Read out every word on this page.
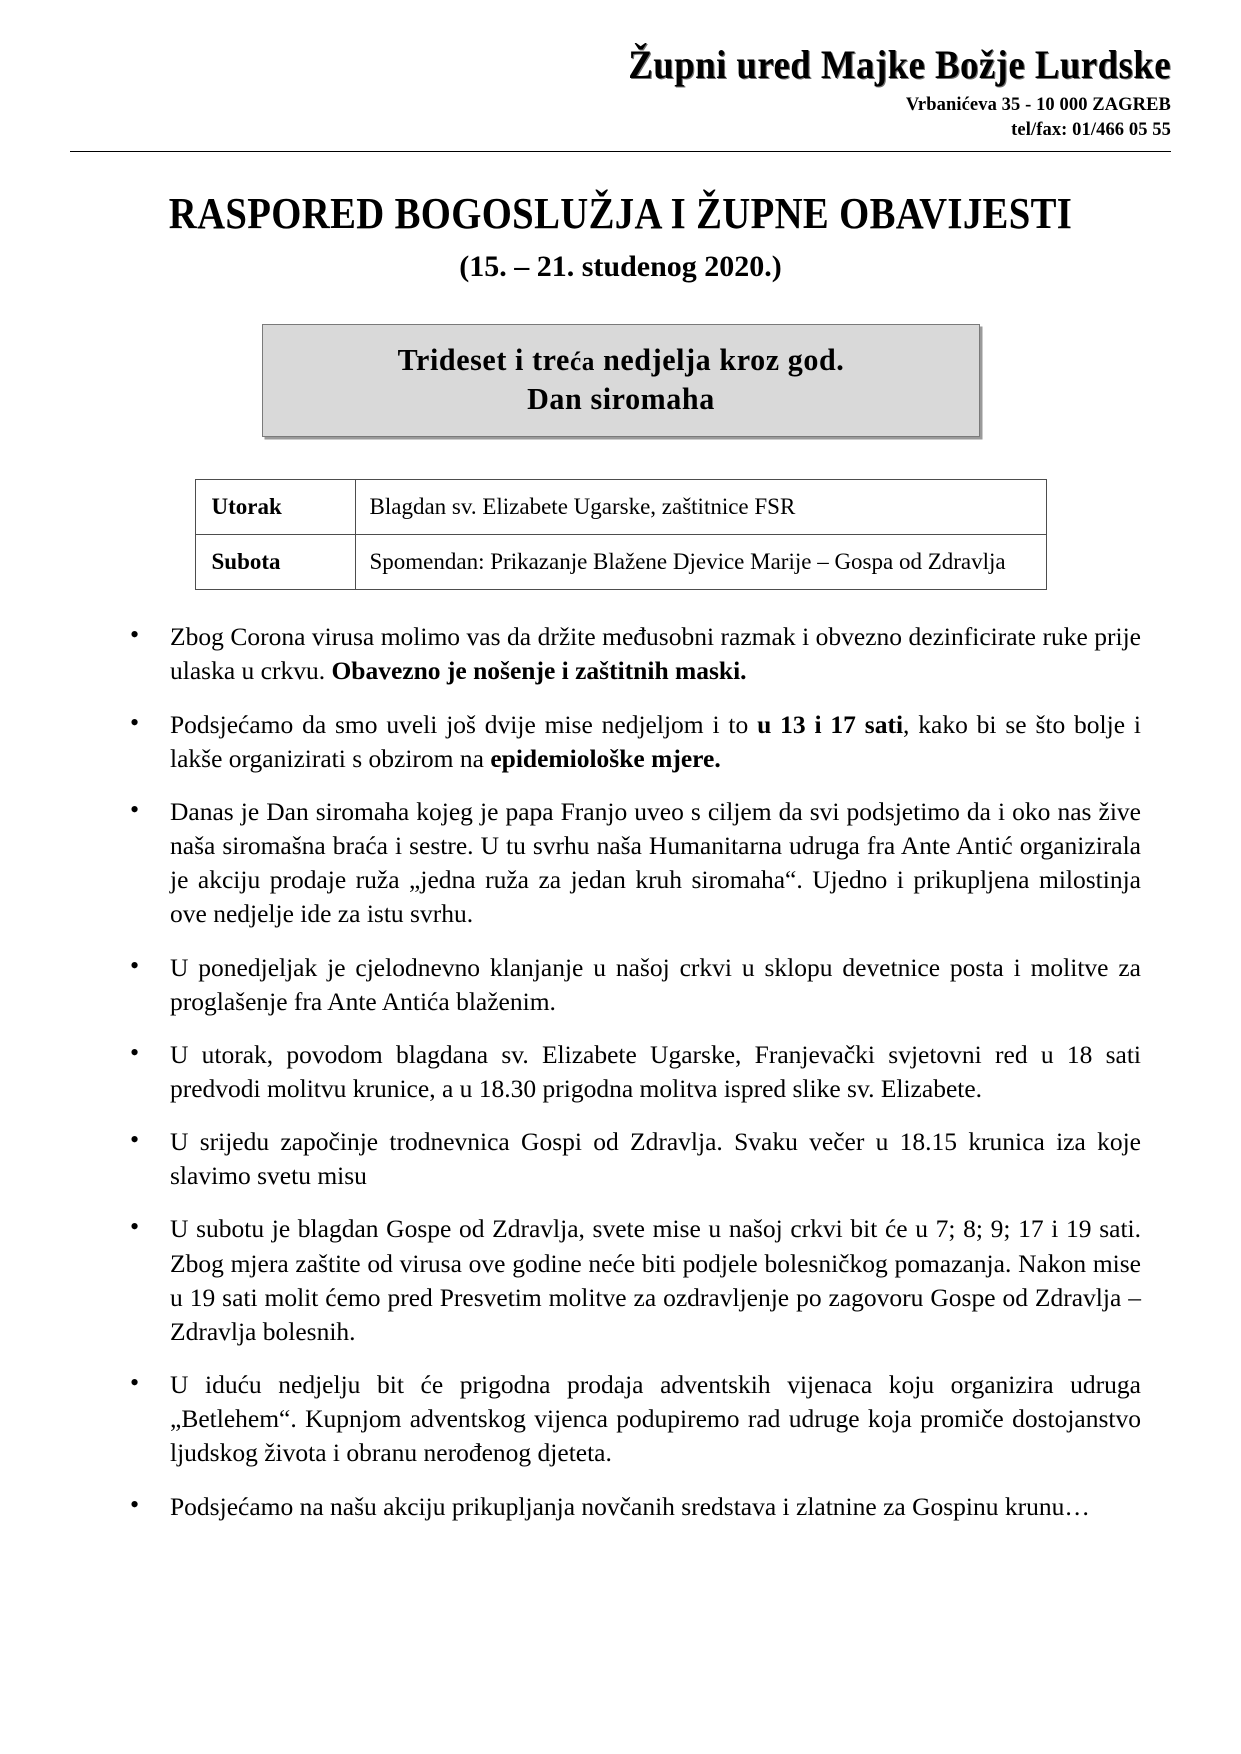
Župni ured Majke Božje Lurdske
Vrbanićeva 35 - 10 000 ZAGREB
tel/fax: 01/466 05 55
RASPORED BOGOSLUŽJA I ŽUPNE OBAVIJESTI
(15. – 21. studenog 2020.)
Trideset i treća nedjelja kroz god.
Dan siromaha
Utorak	Blagdan sv. Elizabete Ugarske, zaštitnice FSR
Subota	Spomendan: Prikazanje Blažene Djevice Marije – Gospa od Zdravlja
• Zbog Corona virusa molimo vas da držite međusobni razmak i obvezno dezinficirate ruke prije ulaska u crkvu. Obavezno je nošenje i zaštitnih maski.
• Podsjećamo da smo uveli još dvije mise nedjeljom i to u 13 i 17 sati, kako bi se što bolje i lakše organizirati s obzirom na epidemiološke mjere.
• Danas je Dan siromaha kojeg je papa Franjo uveo s ciljem da svi podsjetimo da i oko nas žive naša siromašna braća i sestre. U tu svrhu naša Humanitarna udruga fra Ante Antić organizirala je akciju prodaje ruža „jedna ruža za jedan kruh siromaha“. Ujedno i prikupljena milostinja ove nedjelje ide za istu svrhu.
• U ponedjeljak je cjelodnevno klanjanje u našoj crkvi u sklopu devetnice posta i molitve za proglašenje fra Ante Antića blaženim.
• U utorak, povodom blagdana sv. Elizabete Ugarske, Franjevački svjetovni red u 18 sati predvodi molitvu krunice, a u 18.30 prigodna molitva ispred slike sv. Elizabete.
• U srijedu započinje trodnevnica Gospi od Zdravlja. Svaku večer u 18.15 krunica iza koje slavimo svetu misu
• U subotu je blagdan Gospe od Zdravlja, svete mise u našoj crkvi bit će u 7; 8; 9; 17 i 19 sati. Zbog mjera zaštite od virusa ove godine neće biti podjele bolesničkog pomazanja. Nakon mise u 19 sati molit ćemo pred Presvetim molitve za ozdravljenje po zagovoru Gospe od Zdravlja – Zdravlja bolesnih.
• U iduću nedjelju bit će prigodna prodaja adventskih vijenaca koju organizira udruga „Betlehem“. Kupnjom adventskog vijenca podupiremo rad udruge koja promiče dostojanstvo ljudskog života i obranu nerođenog djeteta.
• Podsjećamo na našu akciju prikupljanja novčanih sredstava i zlatnine za Gospinu krunu…
